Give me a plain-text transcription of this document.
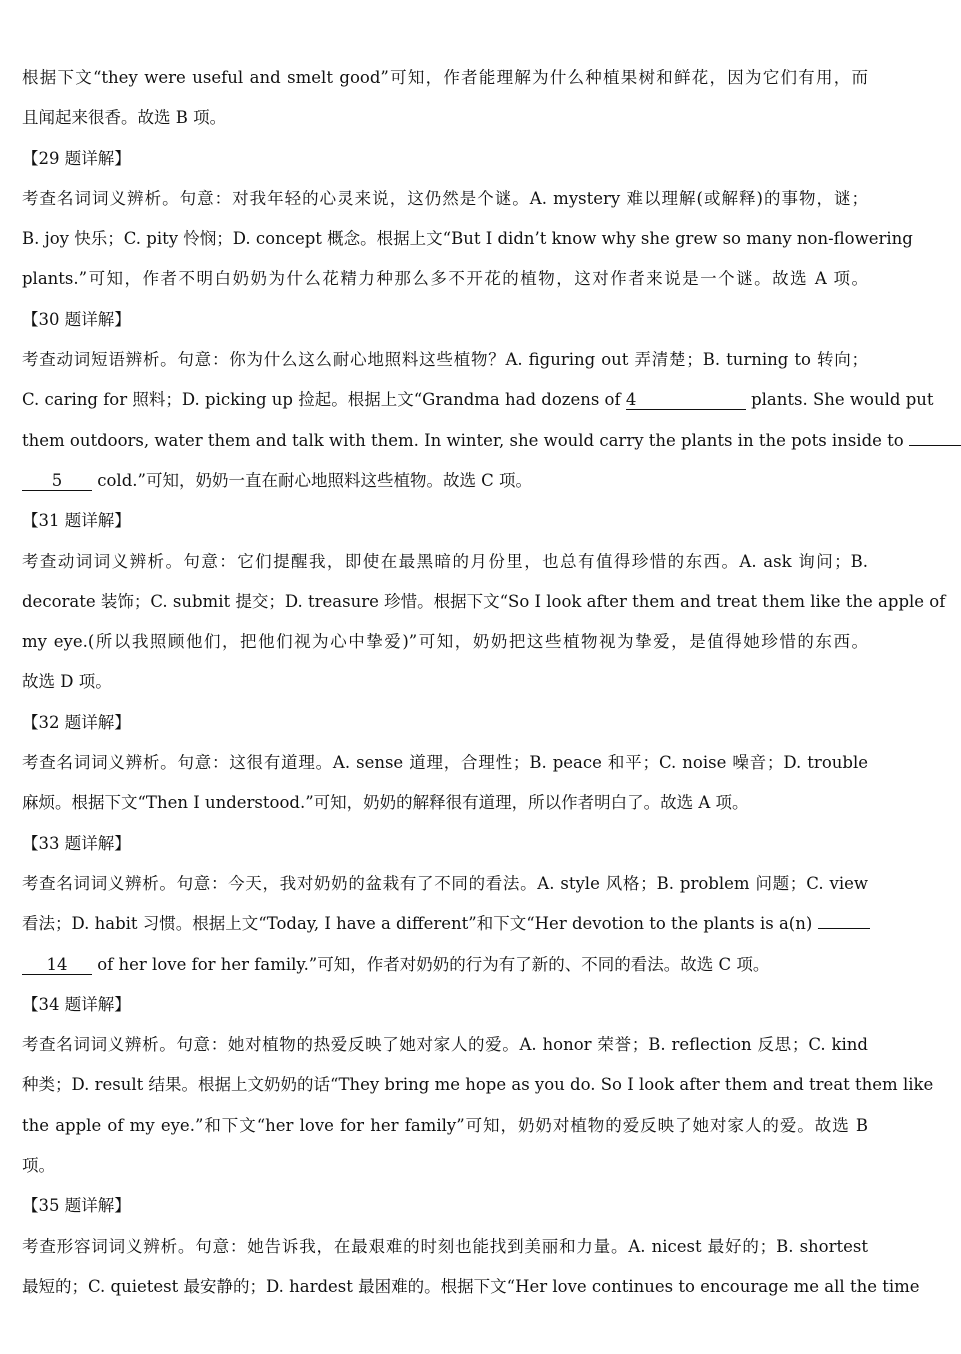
根据下文“they were useful and smelt good”可知，作者能理解为什么种植果树和鲜花，因为它们有用，而
且闻起来很香。故选 B 项。
【29 题详解】
考查名词词义辨析。句意：对我年轻的心灵来说，这仍然是个谜。A. mystery 难以理解(或解释)的事物，谜；
B. joy 快乐；C. pity 怜悯；D. concept 概念。根据上文“But I didn’t know why she grew so many non-flowering
plants.”可知，作者不明白奶奶为什么花精力种那么多不开花的植物，这对作者来说是一个谜。故选 A 项。
【30 题详解】
考查动词短语辨析。句意：你为什么这么耐心地照料这些植物？A. figuring out 弄清楚；B. turning to 转向；
C. caring for 照料；D. picking up 捡起。根据上文“Grandma had dozens of 4	plants. She would put
them outdoors, water them and talk with them. In winter, she would carry the plants in the pots inside to
5 cold.”可知，奶奶一直在耐心地照料这些植物。故选 C 项。
【31 题详解】
考查动词词义辨析。句意：它们提醒我，即使在最黑暗的月份里，也总有值得珍惜的东西。A. ask 询问；B.
decorate 装饰；C. submit 提交；D. treasure 珍惜。根据下文“So I look after them and treat them like the apple of
my eye.(所以我照顾他们，把他们视为心中挚爱)”可知，奶奶把这些植物视为挚爱，是值得她珍惜的东西。
故选 D 项。
【32 题详解】
考查名词词义辨析。句意：这很有道理。A. sense 道理，合理性；B. peace 和平；C. noise 噪音；D. trouble
麻烦。根据下文“Then I understood.”可知，奶奶的解释很有道理，所以作者明白了。故选 A 项。
【33 题详解】
考查名词词义辨析。句意：今天，我对奶奶的盆栽有了不同的看法。A. style 风格；B. problem 问题；C. view
看法；D. habit 习惯。根据上文“Today, I have a different”和下文“Her devotion to the plants is a(n)
14 of her love for her family.”可知，作者对奶奶的行为有了新的、不同的看法。故选 C 项。
【34 题详解】
考查名词词义辨析。句意：她对植物的热爱反映了她对家人的爱。A. honor 荣誉；B. reflection 反思；C. kind
种类；D. result 结果。根据上文奶奶的话“They bring me hope as you do. So I look after them and treat them like
the apple of my eye.”和下文“her love for her family”可知，奶奶对植物的爱反映了她对家人的爱。故选 B
项。
【35 题详解】
考查形容词词义辨析。句意：她告诉我，在最艰难的时刻也能找到美丽和力量。A. nicest 最好的；B. shortest
最短的；C. quietest 最安静的；D. hardest 最困难的。根据下文“Her love continues to encourage me all the time
